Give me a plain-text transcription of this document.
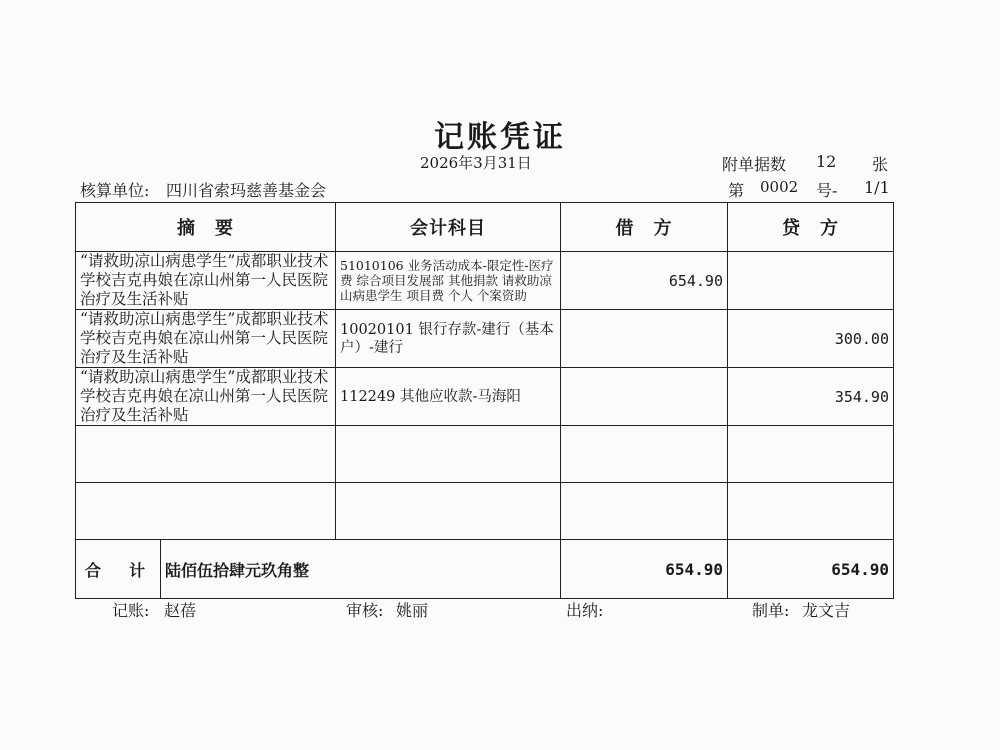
记账凭证
2026年3月31日	附单据数 12 张
核算单位: 四川省索玛慈善基金会	第 0002 号- 1/1
摘　要	会计科目	借　方	贷　方
“请救助凉山病患学生”成都职业技术学校吉克冉娘在凉山州第一人民医院治疗及生活补贴	51010106 业务活动成本-限定性-医疗费 综合项目发展部 其他捐款 请救助凉山病患学生 项目费 个人 个案资助	654.90	
“请救助凉山病患学生”成都职业技术学校吉克冉娘在凉山州第一人民医院治疗及生活补贴	10020101 银行存款-建行（基本户）-建行		300.00
“请救助凉山病患学生”成都职业技术学校吉克冉娘在凉山州第一人民医院治疗及生活补贴	112249 其他应收款-马海阳		354.90

合　计 陆佰伍拾肆元玖角整		654.90	654.90
记账: 赵蓓	审核: 姚丽	出纳:	制单: 龙文吉
